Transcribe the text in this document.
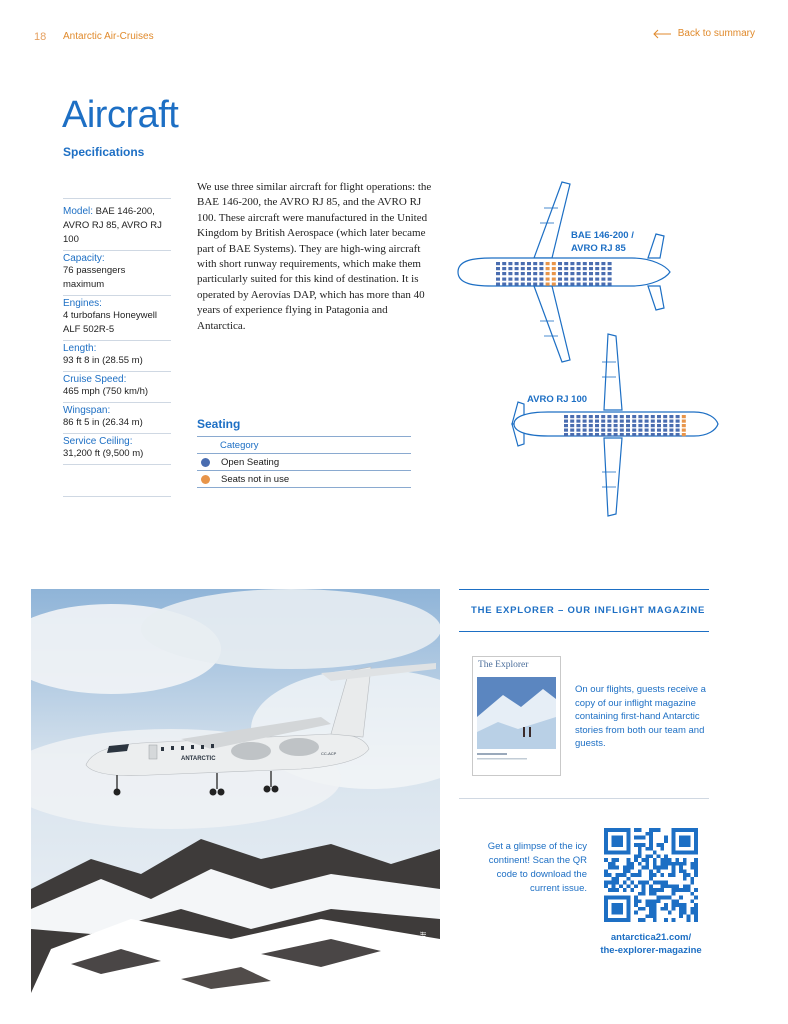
18 Antarctic Air-Cruises	Back to summary
Aircraft
Specifications
Model: BAE 146-200, AVRO RJ 85, AVRO RJ 100
Capacity:
76 passengers maximum
Engines:
4 turbofans Honeywell ALF 502R-5
Length:
93 ft 8 in (28.55 m)
Cruise Speed:
465 mph (750 km/h)
Wingspan:
86 ft 5 in (26.34 m)
Service Ceiling:
31,200 ft (9,500 m)
We use three similar aircraft for flight operations: the BAE 146-200, the AVRO RJ 85, and the AVRO RJ 100. These aircraft were manufactured in the United Kingdom by British Aerospace (which later became part of BAE Systems). They are high-wing aircraft with short runway requirements, which make them particularly suited for this kind of destination. It is operated by Aerovías DAP, which has more than 40 years of experience flying in Patagonia and Antarctica.
Seating
Category
Open Seating
Seats not in use
BAE 146-200 /
AVRO RJ 85
AVRO RJ 100
ANTARCTIC
CC-ACP
© Y. Davidoff
THE EXPLORER – OUR INFLIGHT MAGAZINE
The Explorer
On our flights, guests receive a copy of our inflight magazine containing first-hand Antarctic stories from both our team and guests.
Get a glimpse of the icy continent! Scan the QR code to download the current issue.
antarctica21.com/
the-explorer-magazine
